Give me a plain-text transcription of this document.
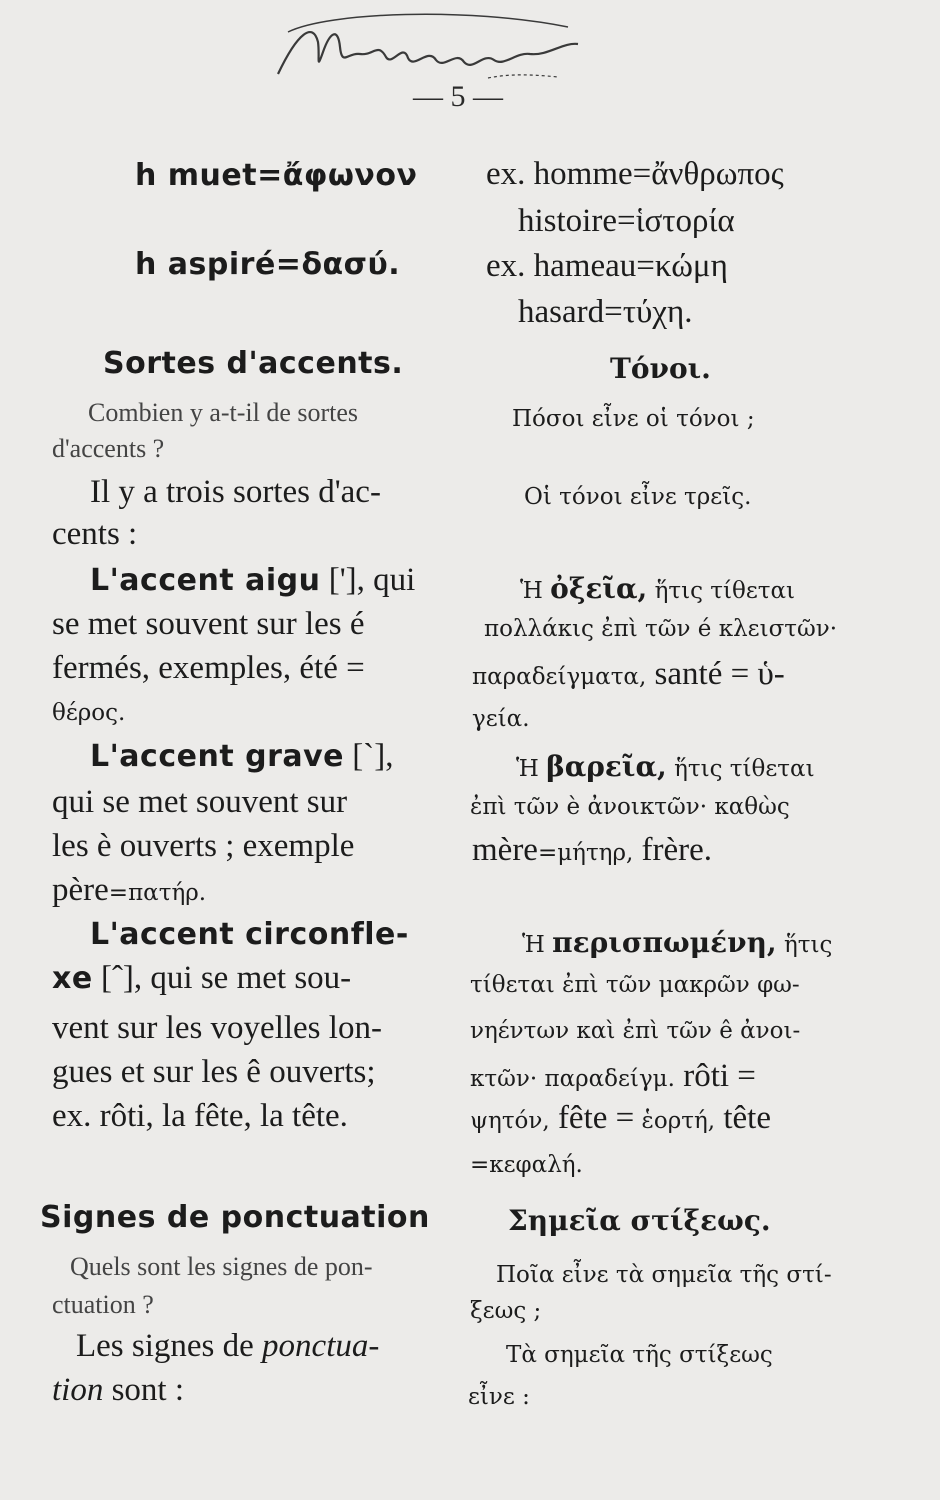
— 5 —
h muet=ἄφωνον ex. homme=ἄνθρωπος
histoire=ἱστορία
h aspiré=δασύ.	ex. hameau=κώμη
hasard=τύχη.
Sortes d'accents.	Τόνοι.
Combien y a-t-il de sortes
d'accents ?
Πόσοι εἶνε οἱ τόνοι ;
Il y a trois sortes d'ac-
cents :
Οἱ τόνοι εἶνε τρεῖς.
L'accent aigu ['], qui
se met souvent sur les é
fermés, exemples, été =
θέρος.
Ἡ ὀξεῖα, ἥτις τίθεται
πολλάκις ἐπὶ τῶν é κλειστῶν·
παραδείγματα, santé = ὑ-
γεία.
L'accent grave [`],
qui se met souvent sur
les è ouverts ; exemple
père=πατήρ.
Ἡ βαρεῖα, ἥτις τίθεται
ἐπὶ τῶν è ἀνοικτῶν· καθὼς
mère=μήτηρ, frère.
L'accent circonfle-
xe [ˆ], qui se met sou-
vent sur les voyelles lon-
gues et sur les ê ouverts;
ex. rôti, la fête, la tête.
Ἡ περισπωμένη, ἥτις
τίθεται ἐπὶ τῶν μακρῶν φω-
νηέντων καὶ ἐπὶ τῶν ê ἀνοι-
κτῶν· παραδείγμ. rôti =
ψητόν, fête = ἑορτή, tête
=κεφαλή.
Signes de ponctuation	Σημεῖα στίξεως.
Quels sont les signes de pon-
ctuation ?
Ποῖα εἶνε τὰ σημεῖα τῆς στί-
ξεως ;
Les signes de ponctua-
tion sont :
Τὰ σημεῖα τῆς στίξεως
εἶνε :
